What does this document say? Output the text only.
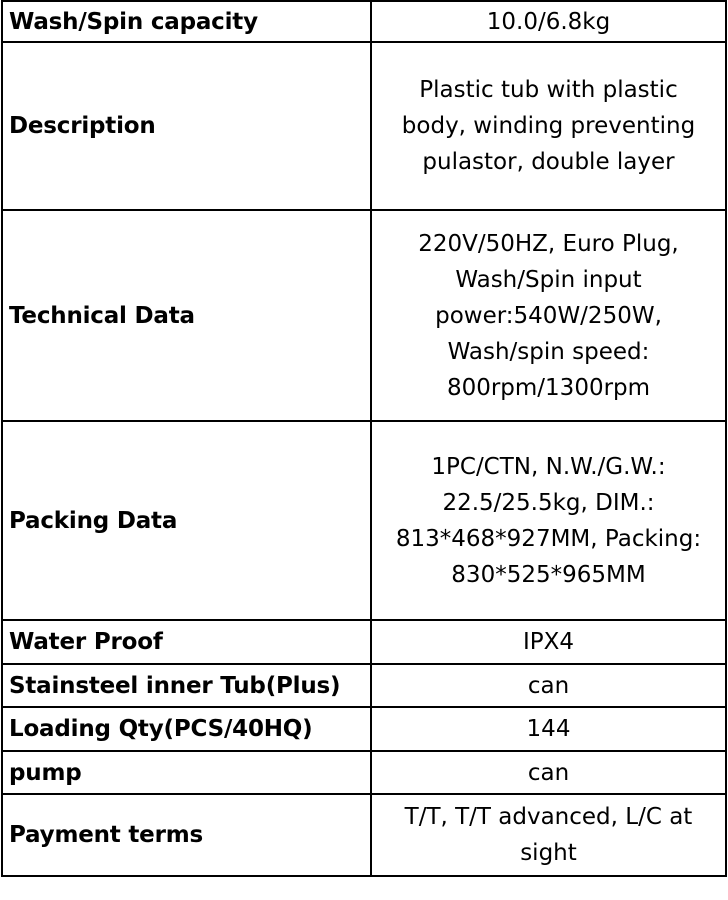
Wash/Spin capacity	10.0/6.8kg
Description	Plastic tub with plastic body, winding preventing pulastor, double layer
Technical Data	220V/50HZ, Euro Plug, Wash/Spin input power:540W/250W, Wash/spin speed: 800rpm/1300rpm
Packing Data	1PC/CTN, N.W./G.W.: 22.5/25.5kg, DIM.: 813*468*927MM, Packing: 830*525*965MM
Water Proof	IPX4
Stainsteel inner Tub(Plus)	can
Loading Qty(PCS/40HQ)	144
pump	can
Payment terms	T/T, T/T advanced, L/C at sight
